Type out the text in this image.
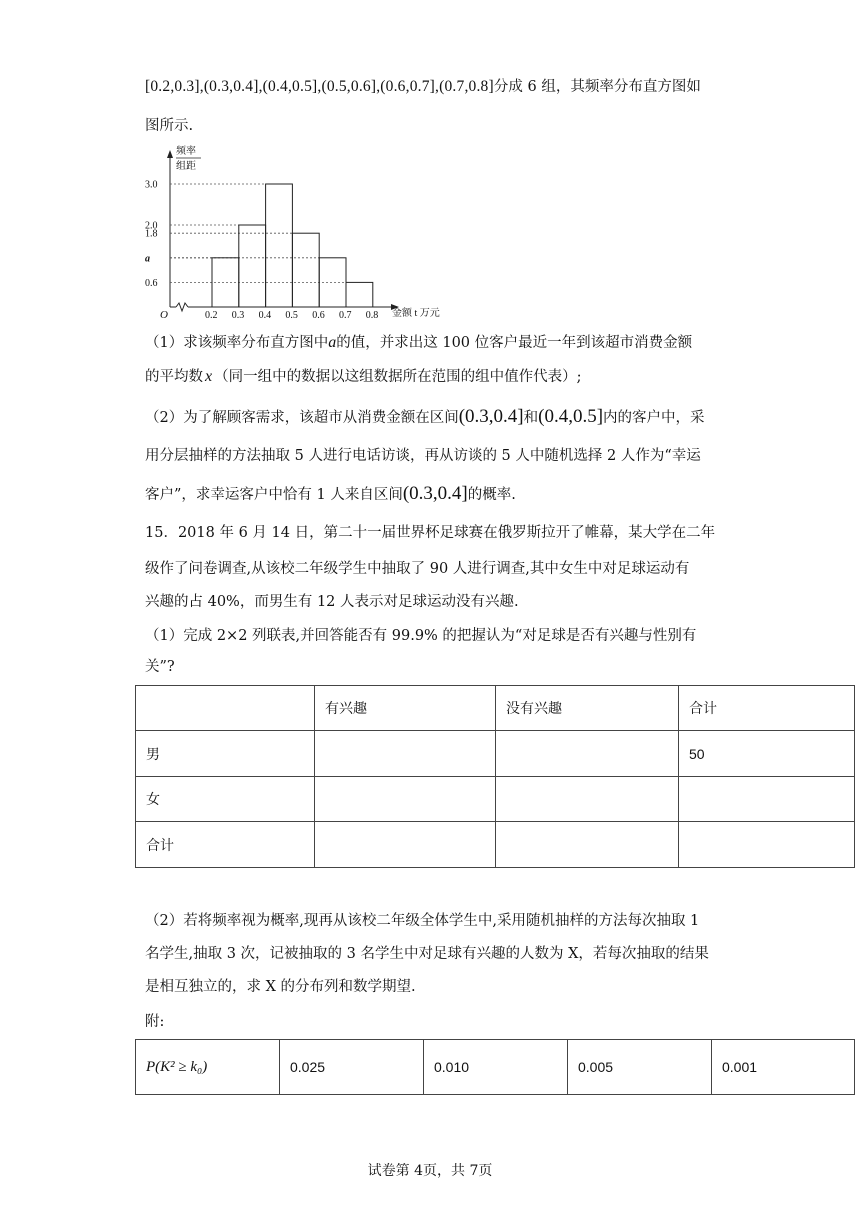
[0.2,0.3],(0.3,0.4],(0.4,0.5],(0.5,0.6],(0.6,0.7],(0.7,0.8]分成 6 组，其频率分布直方图如
图所示.
频率
组距
O	金额 t 万元
0.6
a
1.8
2.0
3.0
0.2 0.3 0.4 0.5 0.6 0.7 0.8
（1）求该频率分布直方图中a的值，并求出这 100 位客户最近一年到该超市消费金额
的平均数 x （同一组中的数据以这组数据所在范围的组中值作代表）;
（2）为了解顾客需求，该超市从消费金额在区间(0.3,0.4]和(0.4,0.5]内的客户中，采
用分层抽样的方法抽取 5 人进行电话访谈，再从访谈的 5 人中随机选择 2 人作为“幸运
客户”，求幸运客户中恰有 1 人来自区间(0.3,0.4]的概率.
15．2018 年 6 月 14 日，第二十一届世界杯足球赛在俄罗斯拉开了帷幕，某大学在二年
级作了问卷调查,从该校二年级学生中抽取了 90 人进行调查,其中女生中对足球运动有
兴趣的占 40%，而男生有 12 人表示对足球运动没有兴趣.
（1）完成 2×2 列联表,并回答能否有 99.9% 的把握认为“对足球是否有兴趣与性别有
关”?
	有兴趣	没有兴趣	合计
男			50
女			
合计			
（2）若将频率视为概率,现再从该校二年级全体学生中,采用随机抽样的方法每次抽取 1
名学生,抽取 3 次，记被抽取的 3 名学生中对足球有兴趣的人数为 X，若每次抽取的结果
是相互独立的，求 X 的分布列和数学期望.
附:
P(K² ≥ k₀)	0.025	0.010	0.005	0.001
试卷第 4页，共 7页
